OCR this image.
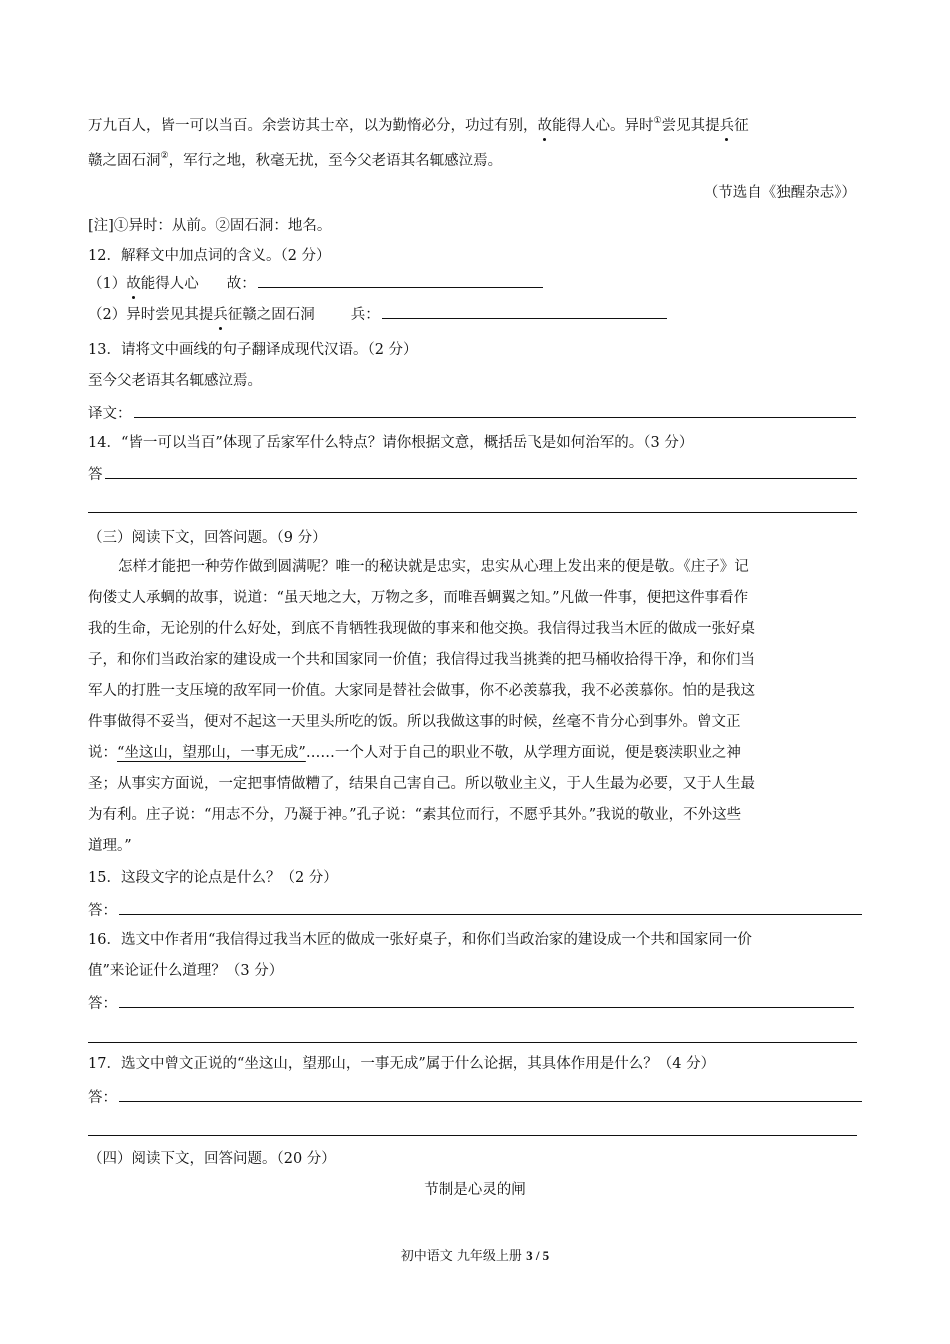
万九百人，皆一可以当百。余尝访其士卒，以为勤惰必分，功过有别，故能得人心。异时①尝见其提兵征
赣之固石洞②，军行之地，秋毫无扰，至今父老语其名辄感泣焉。
（节选自《独醒杂志》）
[注]①异时：从前。②固石洞：地名。
12．解释文中加点词的含义。（2 分）
（1）故能得人心 故：
（2）异时尝见其提兵征赣之固石洞 兵：
13．请将文中画线的句子翻译成现代汉语。（2 分）
至今父老语其名辄感泣焉。
译文：
14．“皆一可以当百”体现了岳家军什么特点？请你根据文意，概括岳飞是如何治军的。（3 分）
答
（三）阅读下文，回答问题。（9 分）
怎样才能把一种劳作做到圆满呢？唯一的秘诀就是忠实，忠实从心理上发出来的便是敬。《庄子》记
佝偻丈人承蜩的故事，说道：“虽天地之大，万物之多，而唯吾蜩翼之知。”凡做一件事，便把这件事看作
我的生命，无论别的什么好处，到底不肯牺牲我现做的事来和他交换。我信得过我当木匠的做成一张好桌
子，和你们当政治家的建设成一个共和国家同一价值；我信得过我当挑粪的把马桶收拾得干净，和你们当
军人的打胜一支压境的敌军同一价值。大家同是替社会做事，你不必羡慕我，我不必羡慕你。怕的是我这
件事做得不妥当，便对不起这一天里头所吃的饭。所以我做这事的时候，丝毫不肯分心到事外。曾文正
说：“坐这山，望那山，一事无成”……一个人对于自己的职业不敬，从学理方面说，便是亵渎职业之神
圣；从事实方面说，一定把事情做糟了，结果自己害自己。所以敬业主义，于人生最为必要，又于人生最
为有利。庄子说：“用志不分，乃凝于神。”孔子说：“素其位而行，不愿乎其外。”我说的敬业，不外这些
道理。”
15．这段文字的论点是什么？（2 分）
答：
16．选文中作者用“我信得过我当木匠的做成一张好桌子，和你们当政治家的建设成一个共和国家同一价
值”来论证什么道理？（3 分）
答：
17．选文中曾文正说的“坐这山，望那山，一事无成”属于什么论据，其具体作用是什么？（4 分）
答：
（四）阅读下文，回答问题。（20 分）
节制是心灵的闸
初中语文 九年级上册 3 / 5
